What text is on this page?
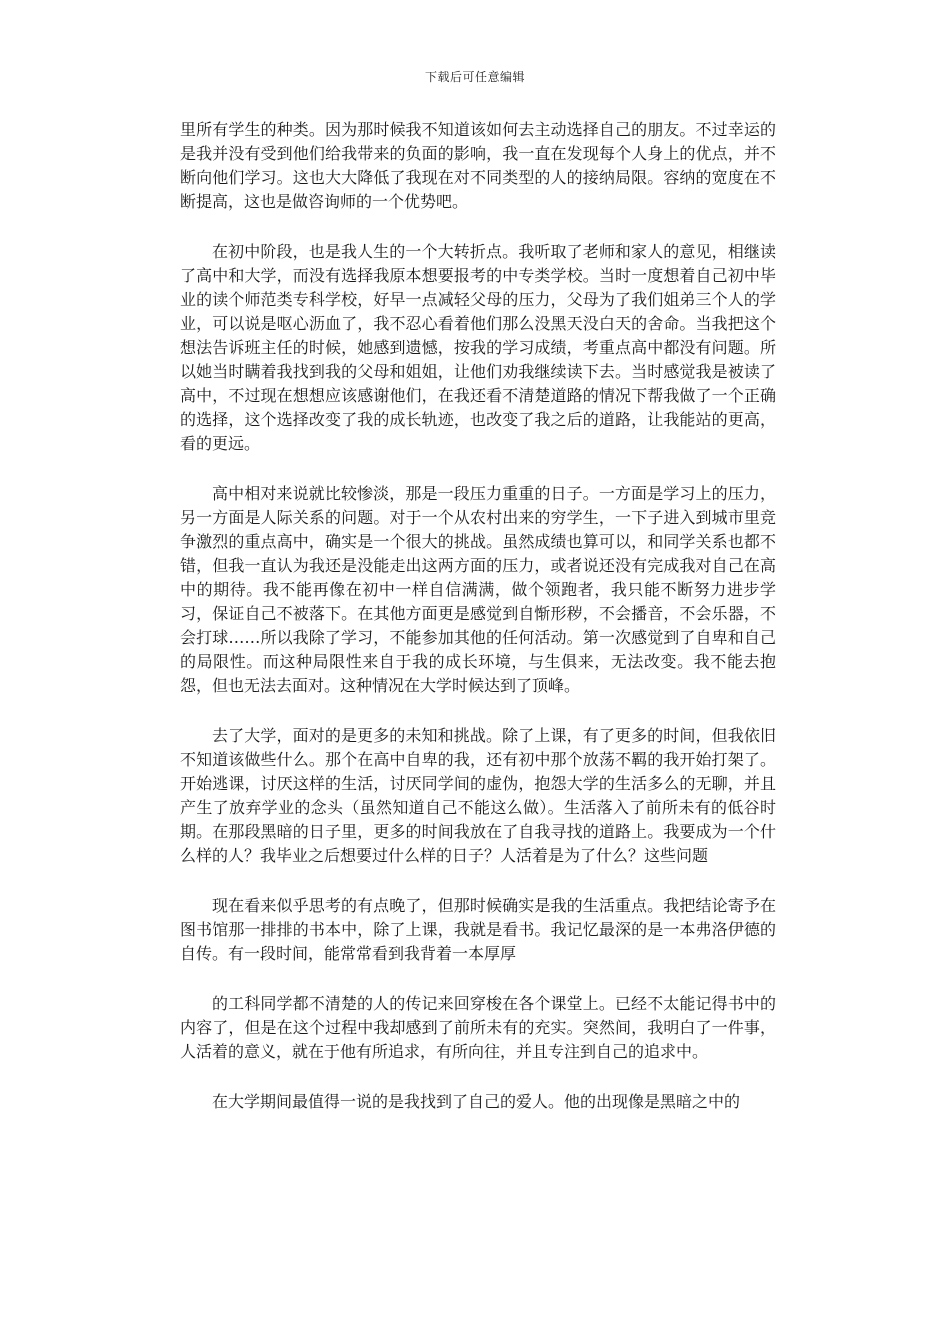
下载后可任意编辑

里所有学生的种类。因为那时候我不知道该如何去主动选择自己的朋友。不过幸运的是我并没有受到他们给我带来的负面的影响，我一直在发现每个人身上的优点，并不断向他们学习。这也大大降低了我现在对不同类型的人的接纳局限。容纳的宽度在不断提高，这也是做咨询师的一个优势吧。

在初中阶段，也是我人生的一个大转折点。我听取了老师和家人的意见，相继读了高中和大学，而没有选择我原本想要报考的中专类学校。当时一度想着自己初中毕业的读个师范类专科学校，好早一点减轻父母的压力，父母为了我们姐弟三个人的学业，可以说是呕心沥血了，我不忍心看着他们那么没黑天没白天的舍命。当我把这个想法告诉班主任的时候，她感到遗憾，按我的学习成绩，考重点高中都没有问题。所以她当时瞒着我找到我的父母和姐姐，让他们劝我继续读下去。当时感觉我是被读了高中，不过现在想想应该感谢他们，在我还看不清楚道路的情况下帮我做了一个正确的选择，这个选择改变了我的成长轨迹，也改变了我之后的道路，让我能站的更高，看的更远。

高中相对来说就比较惨淡，那是一段压力重重的日子。一方面是学习上的压力，另一方面是人际关系的问题。对于一个从农村出来的穷学生，一下子进入到城市里竞争激烈的重点高中，确实是一个很大的挑战。虽然成绩也算可以，和同学关系也都不错，但我一直认为我还是没能走出这两方面的压力，或者说还没有完成我对自己在高中的期待。我不能再像在初中一样自信满满，做个领跑者，我只能不断努力进步学习，保证自己不被落下。在其他方面更是感觉到自惭形秽，不会播音，不会乐器，不会打球……所以我除了学习，不能参加其他的任何活动。第一次感觉到了自卑和自己的局限性。而这种局限性来自于我的成长环境，与生俱来，无法改变。我不能去抱怨，但也无法去面对。这种情况在大学时候达到了顶峰。

去了大学，面对的是更多的未知和挑战。除了上课，有了更多的时间，但我依旧不知道该做些什么。那个在高中自卑的我，还有初中那个放荡不羁的我开始打架了。开始逃课，讨厌这样的生活，讨厌同学间的虚伪，抱怨大学的生活多么的无聊，并且产生了放弃学业的念头（虽然知道自己不能这么做）。生活落入了前所未有的低谷时期。在那段黑暗的日子里，更多的时间我放在了自我寻找的道路上。我要成为一个什么样的人？我毕业之后想要过什么样的日子？人活着是为了什么？这些问题

现在看来似乎思考的有点晚了，但那时候确实是我的生活重点。我把结论寄予在图书馆那一排排的书本中，除了上课，我就是看书。我记忆最深的是一本弗洛伊德的自传。有一段时间，能常常看到我背着一本厚厚

的工科同学都不清楚的人的传记来回穿梭在各个课堂上。已经不太能记得书中的内容了，但是在这个过程中我却感到了前所未有的充实。突然间，我明白了一件事，人活着的意义，就在于他有所追求，有所向往，并且专注到自己的追求中。

在大学期间最值得一说的是我找到了自己的爱人。他的出现像是黑暗之中的
